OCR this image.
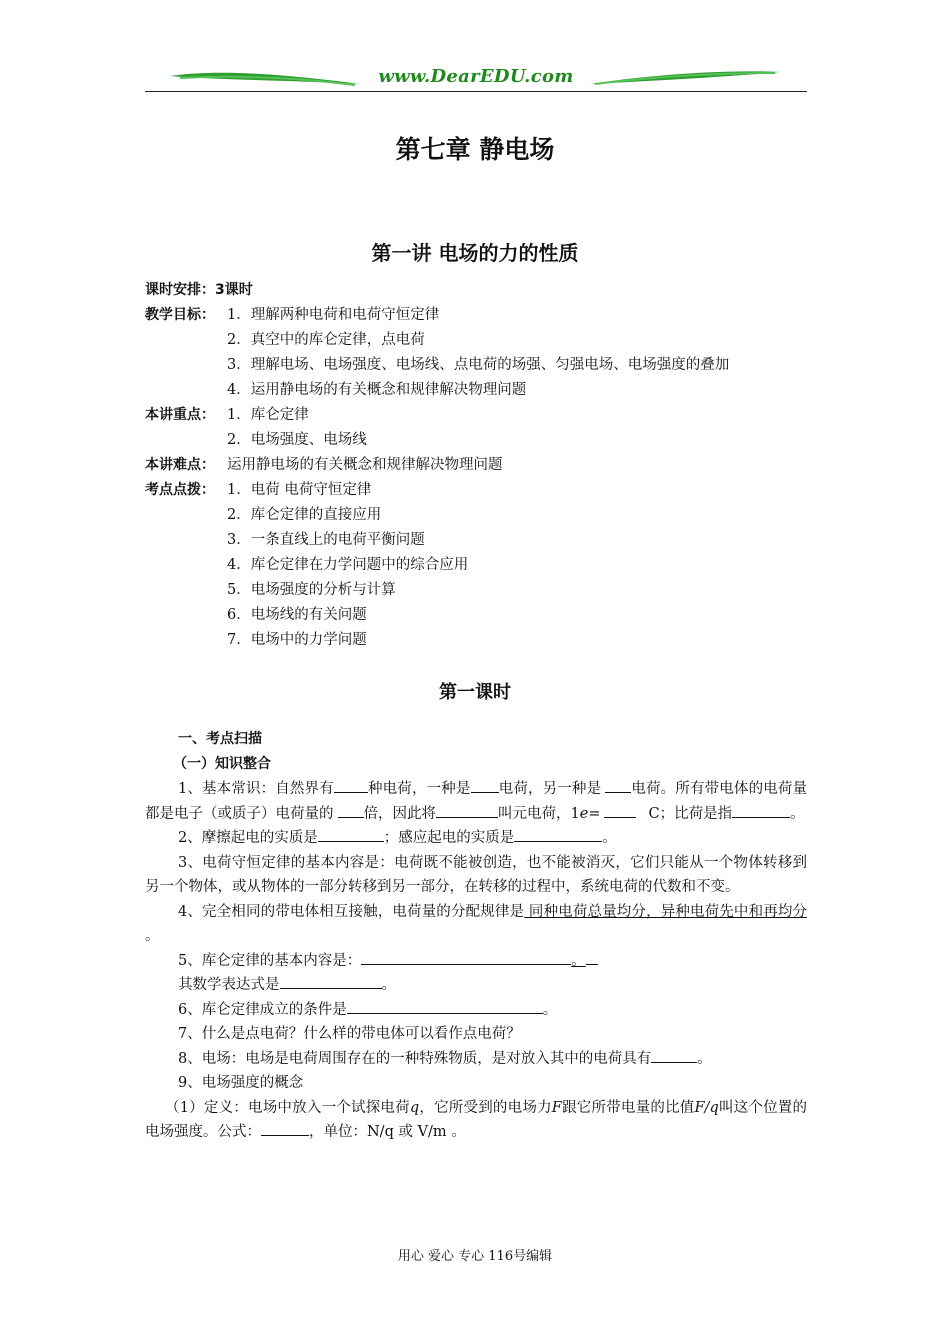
www.DearEDU.com
第七章 静电场
第一讲 电场的力的性质
课时安排：3课时
教学目标： 1．理解两种电荷和电荷守恒定律
2．真空中的库仑定律，点电荷
3．理解电场、电场强度、电场线、点电荷的场强、匀强电场、电场强度的叠加
4．运用静电场的有关概念和规律解决物理问题
本讲重点： 1．库仑定律
2．电场强度、电场线
本讲难点： 运用静电场的有关概念和规律解决物理问题
考点点拨： 1．电荷 电荷守恒定律
2．库仑定律的直接应用
3．一条直线上的电荷平衡问题
4．库仑定律在力学问题中的综合应用
5．电场强度的分析与计算
6．电场线的有关问题
7．电场中的力学问题
第一课时
一、考点扫描
（一）知识整合
1、基本常识：自然界有 种电荷，一种是 电荷，另一种是 电荷。所有带电体的电荷量都是电子（或质子）电荷量的 倍，因此将	叫元电荷，1e=	C；比荷是指	。
2、摩擦起电的实质是	；感应起电的实质是	。
3、电荷守恒定律的基本内容是：电荷既不能被创造，也不能被消灭，它们只能从一个物体转移到另一个物体，或从物体的一部分转移到另一部分，在转移的过程中，系统电荷的代数和不变。
4、完全相同的带电体相互接触，电荷量的分配规律是 同种电荷总量均分，异种电荷先中和再均分 。
5、库仑定律的基本内容是：	。
其数学表达式是	。
6、库仑定律成立的条件是	。
7、什么是点电荷？什么样的带电体可以看作点电荷？
8、电场：电场是电荷周围存在的一种特殊物质，是对放入其中的电荷具有	。
9、电场强度的概念
（1）定义：电场中放入一个试探电荷q，它所受到的电场力F跟它所带电量的比值F/q叫这个位置的电场强度。公式：	，单位：N/q 或 V/m 。
用心 爱心 专心 116号编辑
